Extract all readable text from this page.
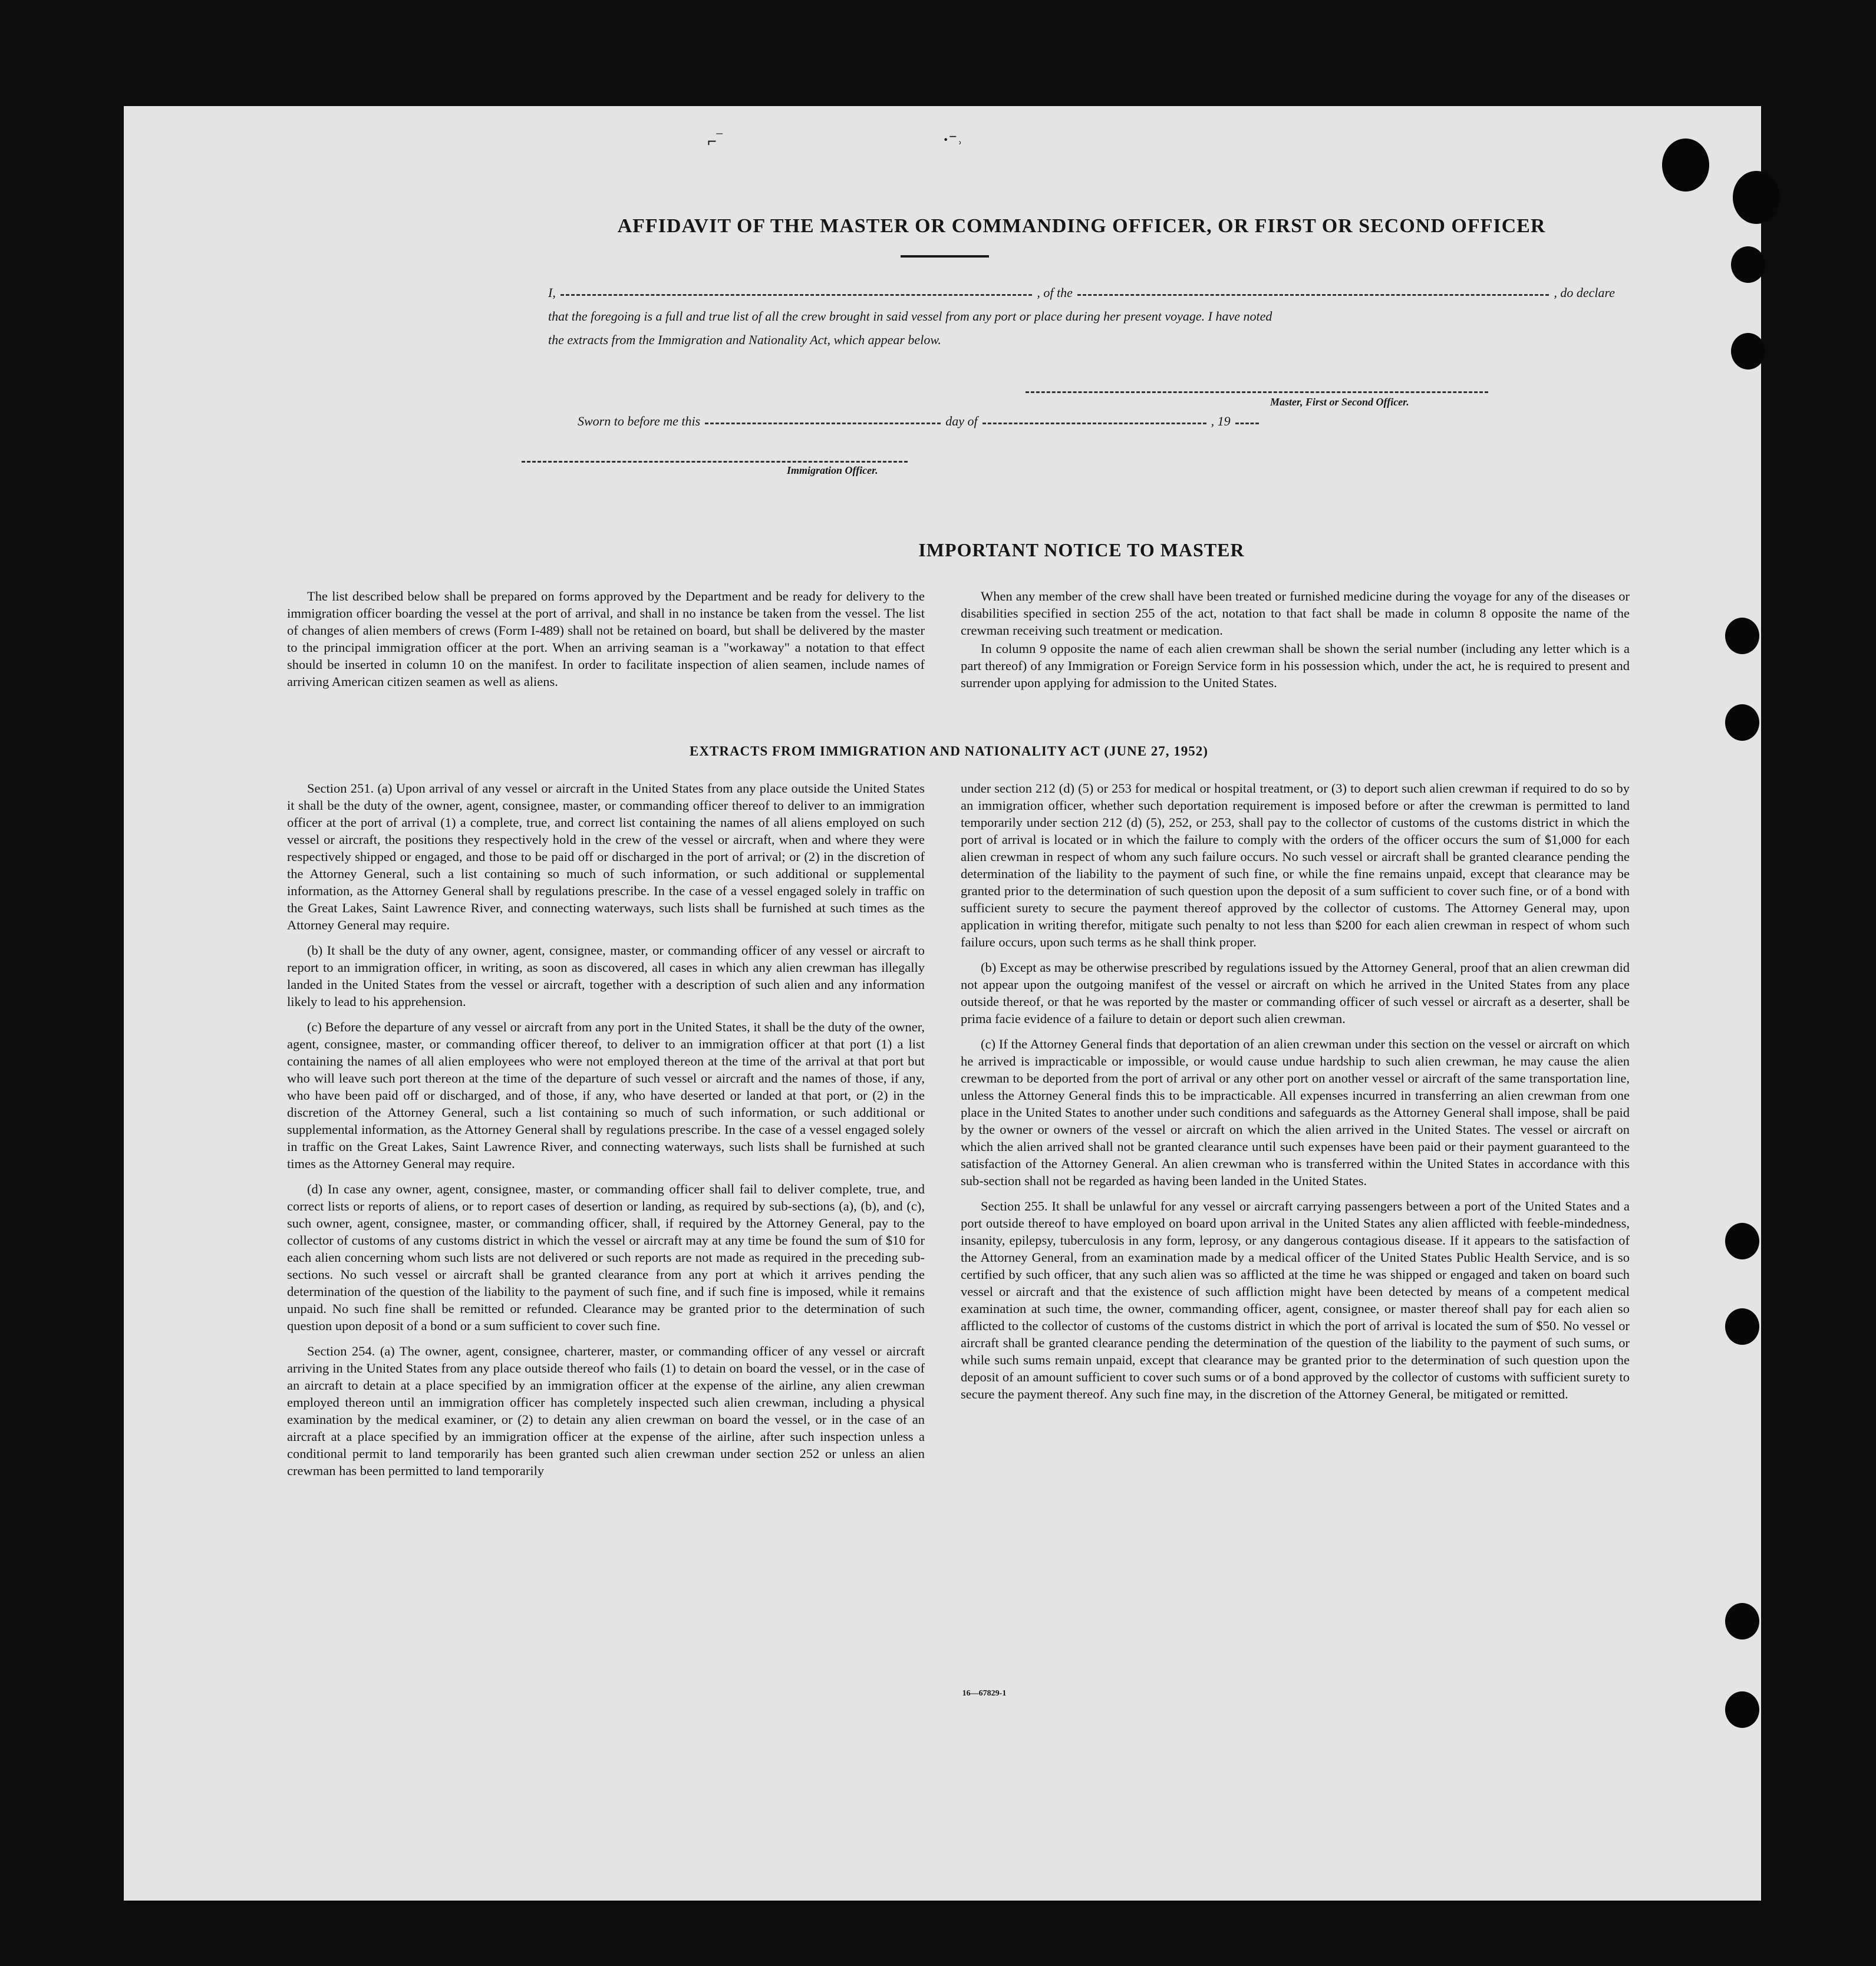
⌐‾	·⁻˒
AFFIDAVIT OF THE MASTER OR COMMANDING OFFICER, OR FIRST OR SECOND OFFICER
I,	, of the	, do declare
that the foregoing is a full and true list of all the crew brought in said vessel from any port or place during her present voyage. I have noted
the extracts from the Immigration and Nationality Act, which appear below.
Master, First or Second Officer.
Sworn to before me this	day of	, 19
Immigration Officer.
IMPORTANT NOTICE TO MASTER

The list described below shall be prepared on forms approved by the Department and be ready for delivery to the immigration officer boarding the vessel at the port of arrival, and shall in no instance be taken from the vessel. The list of changes of alien members of crews (Form I-489) shall not be retained on board, but shall be delivered by the master to the principal immigration officer at the port. When an arriving seaman is a "workaway" a notation to that effect should be inserted in column 10 on the manifest. In order to facilitate inspection of alien seamen, include names of arriving American citizen seamen as well as aliens.

When any member of the crew shall have been treated or furnished medicine during the voyage for any of the diseases or disabilities specified in section 255 of the act, notation to that fact shall be made in column 8 opposite the name of the crewman receiving such treatment or medication.

In column 9 opposite the name of each alien crewman shall be shown the serial number (including any letter which is a part thereof) of any Immigration or Foreign Service form in his possession which, under the act, he is required to present and surrender upon applying for admission to the United States.

EXTRACTS FROM IMMIGRATION AND NATIONALITY ACT (JUNE 27, 1952)

Section 251. (a) Upon arrival of any vessel or aircraft in the United States from any place outside the United States it shall be the duty of the owner, agent, consignee, master, or commanding officer thereof to deliver to an immigration officer at the port of arrival (1) a complete, true, and correct list containing the names of all aliens employed on such vessel or aircraft, the positions they respectively hold in the crew of the vessel or aircraft, when and where they were respectively shipped or engaged, and those to be paid off or discharged in the port of arrival; or (2) in the discretion of the Attorney General, such a list containing so much of such information, or such additional or supplemental information, as the Attorney General shall by regulations prescribe. In the case of a vessel engaged solely in traffic on the Great Lakes, Saint Lawrence River, and connecting waterways, such lists shall be furnished at such times as the Attorney General may require.

(b) It shall be the duty of any owner, agent, consignee, master, or commanding officer of any vessel or aircraft to report to an immigration officer, in writing, as soon as discovered, all cases in which any alien crewman has illegally landed in the United States from the vessel or aircraft, together with a description of such alien and any information likely to lead to his apprehension.

(c) Before the departure of any vessel or aircraft from any port in the United States, it shall be the duty of the owner, agent, consignee, master, or commanding officer thereof, to deliver to an immigration officer at that port (1) a list containing the names of all alien employees who were not employed thereon at the time of the arrival at that port but who will leave such port thereon at the time of the departure of such vessel or aircraft and the names of those, if any, who have been paid off or discharged, and of those, if any, who have deserted or landed at that port, or (2) in the discretion of the Attorney General, such a list containing so much of such information, or such additional or supplemental information, as the Attorney General shall by regulations prescribe. In the case of a vessel engaged solely in traffic on the Great Lakes, Saint Lawrence River, and connecting waterways, such lists shall be furnished at such times as the Attorney General may require.

(d) In case any owner, agent, consignee, master, or commanding officer shall fail to deliver complete, true, and correct lists or reports of aliens, or to report cases of desertion or landing, as required by sub-sections (a), (b), and (c), such owner, agent, consignee, master, or commanding officer, shall, if required by the Attorney General, pay to the collector of customs of any customs district in which the vessel or aircraft may at any time be found the sum of $10 for each alien concerning whom such lists are not delivered or such reports are not made as required in the preceding sub-sections. No such vessel or aircraft shall be granted clearance from any port at which it arrives pending the determination of the question of the liability to the payment of such fine, and if such fine is imposed, while it remains unpaid. No such fine shall be remitted or refunded. Clearance may be granted prior to the determination of such question upon deposit of a bond or a sum sufficient to cover such fine.

Section 254. (a) The owner, agent, consignee, charterer, master, or commanding officer of any vessel or aircraft arriving in the United States from any place outside thereof who fails (1) to detain on board the vessel, or in the case of an aircraft to detain at a place specified by an immigration officer at the expense of the airline, any alien crewman employed thereon until an immigration officer has completely inspected such alien crewman, including a physical examination by the medical examiner, or (2) to detain any alien crewman on board the vessel, or in the case of an aircraft at a place specified by an immigration officer at the expense of the airline, after such inspection unless a conditional permit to land temporarily has been granted such alien crewman under section 252 or unless an alien crewman has been permitted to land temporarily

under section 212 (d) (5) or 253 for medical or hospital treatment, or (3) to deport such alien crewman if required to do so by an immigration officer, whether such deportation requirement is imposed before or after the crewman is permitted to land temporarily under section 212 (d) (5), 252, or 253, shall pay to the collector of customs of the customs district in which the port of arrival is located or in which the failure to comply with the orders of the officer occurs the sum of $1,000 for each alien crewman in respect of whom any such failure occurs. No such vessel or aircraft shall be granted clearance pending the determination of the liability to the payment of such fine, or while the fine remains unpaid, except that clearance may be granted prior to the determination of such question upon the deposit of a sum sufficient to cover such fine, or of a bond with sufficient surety to secure the payment thereof approved by the collector of customs. The Attorney General may, upon application in writing therefor, mitigate such penalty to not less than $200 for each alien crewman in respect of whom such failure occurs, upon such terms as he shall think proper.

(b) Except as may be otherwise prescribed by regulations issued by the Attorney General, proof that an alien crewman did not appear upon the outgoing manifest of the vessel or aircraft on which he arrived in the United States from any place outside thereof, or that he was reported by the master or commanding officer of such vessel or aircraft as a deserter, shall be prima facie evidence of a failure to detain or deport such alien crewman.

(c) If the Attorney General finds that deportation of an alien crewman under this section on the vessel or aircraft on which he arrived is impracticable or impossible, or would cause undue hardship to such alien crewman, he may cause the alien crewman to be deported from the port of arrival or any other port on another vessel or aircraft of the same transportation line, unless the Attorney General finds this to be impracticable. All expenses incurred in transferring an alien crewman from one place in the United States to another under such conditions and safeguards as the Attorney General shall impose, shall be paid by the owner or owners of the vessel or aircraft on which the alien arrived in the United States. The vessel or aircraft on which the alien arrived shall not be granted clearance until such expenses have been paid or their payment guaranteed to the satisfaction of the Attorney General. An alien crewman who is transferred within the United States in accordance with this sub-section shall not be regarded as having been landed in the United States.

Section 255. It shall be unlawful for any vessel or aircraft carrying passengers between a port of the United States and a port outside thereof to have employed on board upon arrival in the United States any alien afflicted with feeble-mindedness, insanity, epilepsy, tuberculosis in any form, leprosy, or any dangerous contagious disease. If it appears to the satisfaction of the Attorney General, from an examination made by a medical officer of the United States Public Health Service, and is so certified by such officer, that any such alien was so afflicted at the time he was shipped or engaged and taken on board such vessel or aircraft and that the existence of such affliction might have been detected by means of a competent medical examination at such time, the owner, commanding officer, agent, consignee, or master thereof shall pay for each alien so afflicted to the collector of customs of the customs district in which the port of arrival is located the sum of $50. No vessel or aircraft shall be granted clearance pending the determination of the question of the liability to the payment of such sums, or while such sums remain unpaid, except that clearance may be granted prior to the determination of such question upon the deposit of an amount sufficient to cover such sums or of a bond approved by the collector of customs with sufficient surety to secure the payment thereof. Any such fine may, in the discretion of the Attorney General, be mitigated or remitted.

16—67829-1
